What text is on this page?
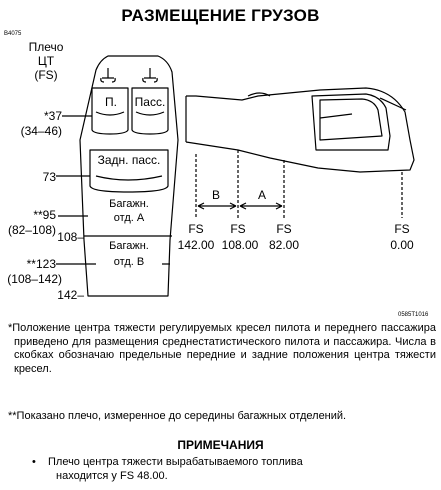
РАЗМЕЩЕНИЕ ГРУЗОВ
B4075
0585T1016
Плечо
ЦТ
(FS)
*37
(34–46)
73
**95
(82–108) 108–
**123
(108–142)
142–
П.	Пасс.
Задн. пасс.
Багажн.
отд. А
Багажн.
отд. В
B	A
FS
142.00
FS
108.00
FS
82.00
FS
0.00
*Положение центра тяжести регулируемых кресел пилота и переднего пассажира приведено для размещения среднестатистического пилота и пассажира. Числа в скобках обозначаю предельные передние и задние положения центра тяжести кресел.
**Показано плечо, измеренное до середины багажных отделений.
ПРИМЕЧАНИЯ
•	Плечо центра тяжести вырабатываемого топлива
находится у FS 48.00.
